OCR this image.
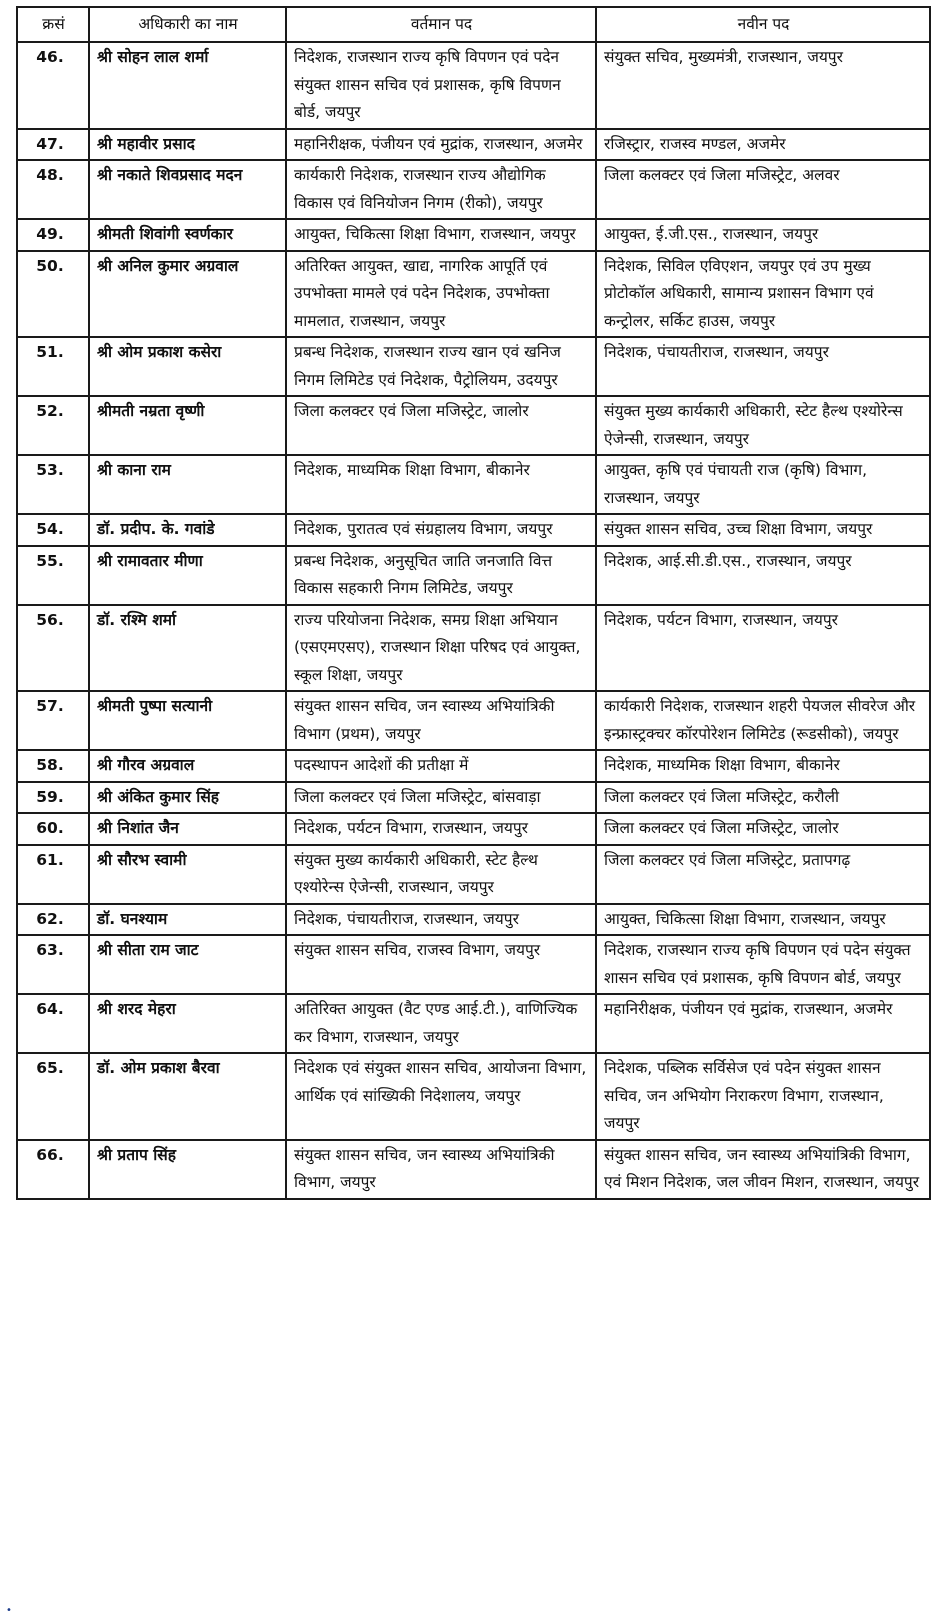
क्रसं	अधिकारी का नाम	वर्तमान पद	नवीन पद
46.	श्री सोहन लाल शर्मा	निदेशक, राजस्थान राज्य कृषि विपणन एवं पदेन संयुक्त शासन सचिव एवं प्रशासक, कृषि विपणन बोर्ड, जयपुर	संयुक्त सचिव, मुख्यमंत्री, राजस्थान, जयपुर
47.	श्री महावीर प्रसाद	महानिरीक्षक, पंजीयन एवं मुद्रांक, राजस्थान, अजमेर	रजिस्ट्रार, राजस्व मण्डल, अजमेर
48.	श्री नकाते शिवप्रसाद मदन	कार्यकारी निदेशक, राजस्थान राज्य औद्योगिक विकास एवं विनियोजन निगम (रीको), जयपुर	जिला कलक्टर एवं जिला मजिस्ट्रेट, अलवर
49.	श्रीमती शिवांगी स्वर्णकार	आयुक्त, चिकित्सा शिक्षा विभाग, राजस्थान, जयपुर	आयुक्त, ई.जी.एस., राजस्थान, जयपुर
50.	श्री अनिल कुमार अग्रवाल	अतिरिक्त आयुक्त, खाद्य, नागरिक आपूर्ति एवं उपभोक्ता मामले एवं पदेन निदेशक, उपभोक्ता मामलात, राजस्थान, जयपुर	निदेशक, सिविल एविएशन, जयपुर एवं उप मुख्य प्रोटोकॉल अधिकारी, सामान्य प्रशासन विभाग एवं कन्ट्रोलर, सर्किट हाउस, जयपुर
51.	श्री ओम प्रकाश कसेरा	प्रबन्ध निदेशक, राजस्थान राज्य खान एवं खनिज निगम लिमिटेड एवं निदेशक, पैट्रोलियम, उदयपुर	निदेशक, पंचायतीराज, राजस्थान, जयपुर
52.	श्रीमती नम्रता वृष्णी	जिला कलक्टर एवं जिला मजिस्ट्रेट, जालोर	संयुक्त मुख्य कार्यकारी अधिकारी, स्टेट हैल्थ एश्योरेन्स ऐजेन्सी, राजस्थान, जयपुर
53.	श्री काना राम	निदेशक, माध्यमिक शिक्षा विभाग, बीकानेर	आयुक्त, कृषि एवं पंचायती राज (कृषि) विभाग, राजस्थान, जयपुर
54.	डॉ. प्रदीप. के. गवांडे	निदेशक, पुरातत्व एवं संग्रहालय विभाग, जयपुर	संयुक्त शासन सचिव, उच्च शिक्षा विभाग, जयपुर
55.	श्री रामावतार मीणा	प्रबन्ध निदेशक, अनुसूचित जाति जनजाति वित्त विकास सहकारी निगम लिमिटेड, जयपुर	निदेशक, आई.सी.डी.एस., राजस्थान, जयपुर
56.	डॉ. रश्मि शर्मा	राज्य परियोजना निदेशक, समग्र शिक्षा अभियान (एसएमएसए), राजस्थान शिक्षा परिषद एवं आयुक्त, स्कूल शिक्षा, जयपुर	निदेशक, पर्यटन विभाग, राजस्थान, जयपुर
57.	श्रीमती पुष्पा सत्यानी	संयुक्त शासन सचिव, जन स्वास्थ्य अभियांत्रिकी विभाग (प्रथम), जयपुर	कार्यकारी निदेशक, राजस्थान शहरी पेयजल सीवरेज और इन्फ्रास्ट्रक्चर कॉरपोरेशन लिमिटेड (रूडसीको), जयपुर
58.	श्री गौरव अग्रवाल	पदस्थापन आदेशों की प्रतीक्षा में	निदेशक, माध्यमिक शिक्षा विभाग, बीकानेर
59.	श्री अंकित कुमार सिंह	जिला कलक्टर एवं जिला मजिस्ट्रेट, बांसवाड़ा	जिला कलक्टर एवं जिला मजिस्ट्रेट, करौली
60.	श्री निशांत जैन	निदेशक, पर्यटन विभाग, राजस्थान, जयपुर	जिला कलक्टर एवं जिला मजिस्ट्रेट, जालोर
61.	श्री सौरभ स्वामी	संयुक्त मुख्य कार्यकारी अधिकारी, स्टेट हैल्थ एश्योरेन्स ऐजेन्सी, राजस्थान, जयपुर	जिला कलक्टर एवं जिला मजिस्ट्रेट, प्रतापगढ़
62.	डॉ. घनश्याम	निदेशक, पंचायतीराज, राजस्थान, जयपुर	आयुक्त, चिकित्सा शिक्षा विभाग, राजस्थान, जयपुर
63.	श्री सीता राम जाट	संयुक्त शासन सचिव, राजस्व विभाग, जयपुर	निदेशक, राजस्थान राज्य कृषि विपणन एवं पदेन संयुक्त शासन सचिव एवं प्रशासक, कृषि विपणन बोर्ड, जयपुर
64.	श्री शरद मेहरा	अतिरिक्त आयुक्त (वैट एण्ड आई.टी.), वाणिज्यिक कर विभाग, राजस्थान, जयपुर	महानिरीक्षक, पंजीयन एवं मुद्रांक, राजस्थान, अजमेर
65.	डॉ. ओम प्रकाश बैरवा	निदेशक एवं संयुक्त शासन सचिव, आयोजना विभाग, आर्थिक एवं सांख्यिकी निदेशालय, जयपुर	निदेशक, पब्लिक सर्विसेज एवं पदेन संयुक्त शासन सचिव, जन अभियोग निराकरण विभाग, राजस्थान, जयपुर
66.	श्री प्रताप सिंह	संयुक्त शासन सचिव, जन स्वास्थ्य अभियांत्रिकी विभाग, जयपुर	संयुक्त शासन सचिव, जन स्वास्थ्य अभियांत्रिकी विभाग, एवं मिशन निदेशक, जल जीवन मिशन, राजस्थान, जयपुर
•
